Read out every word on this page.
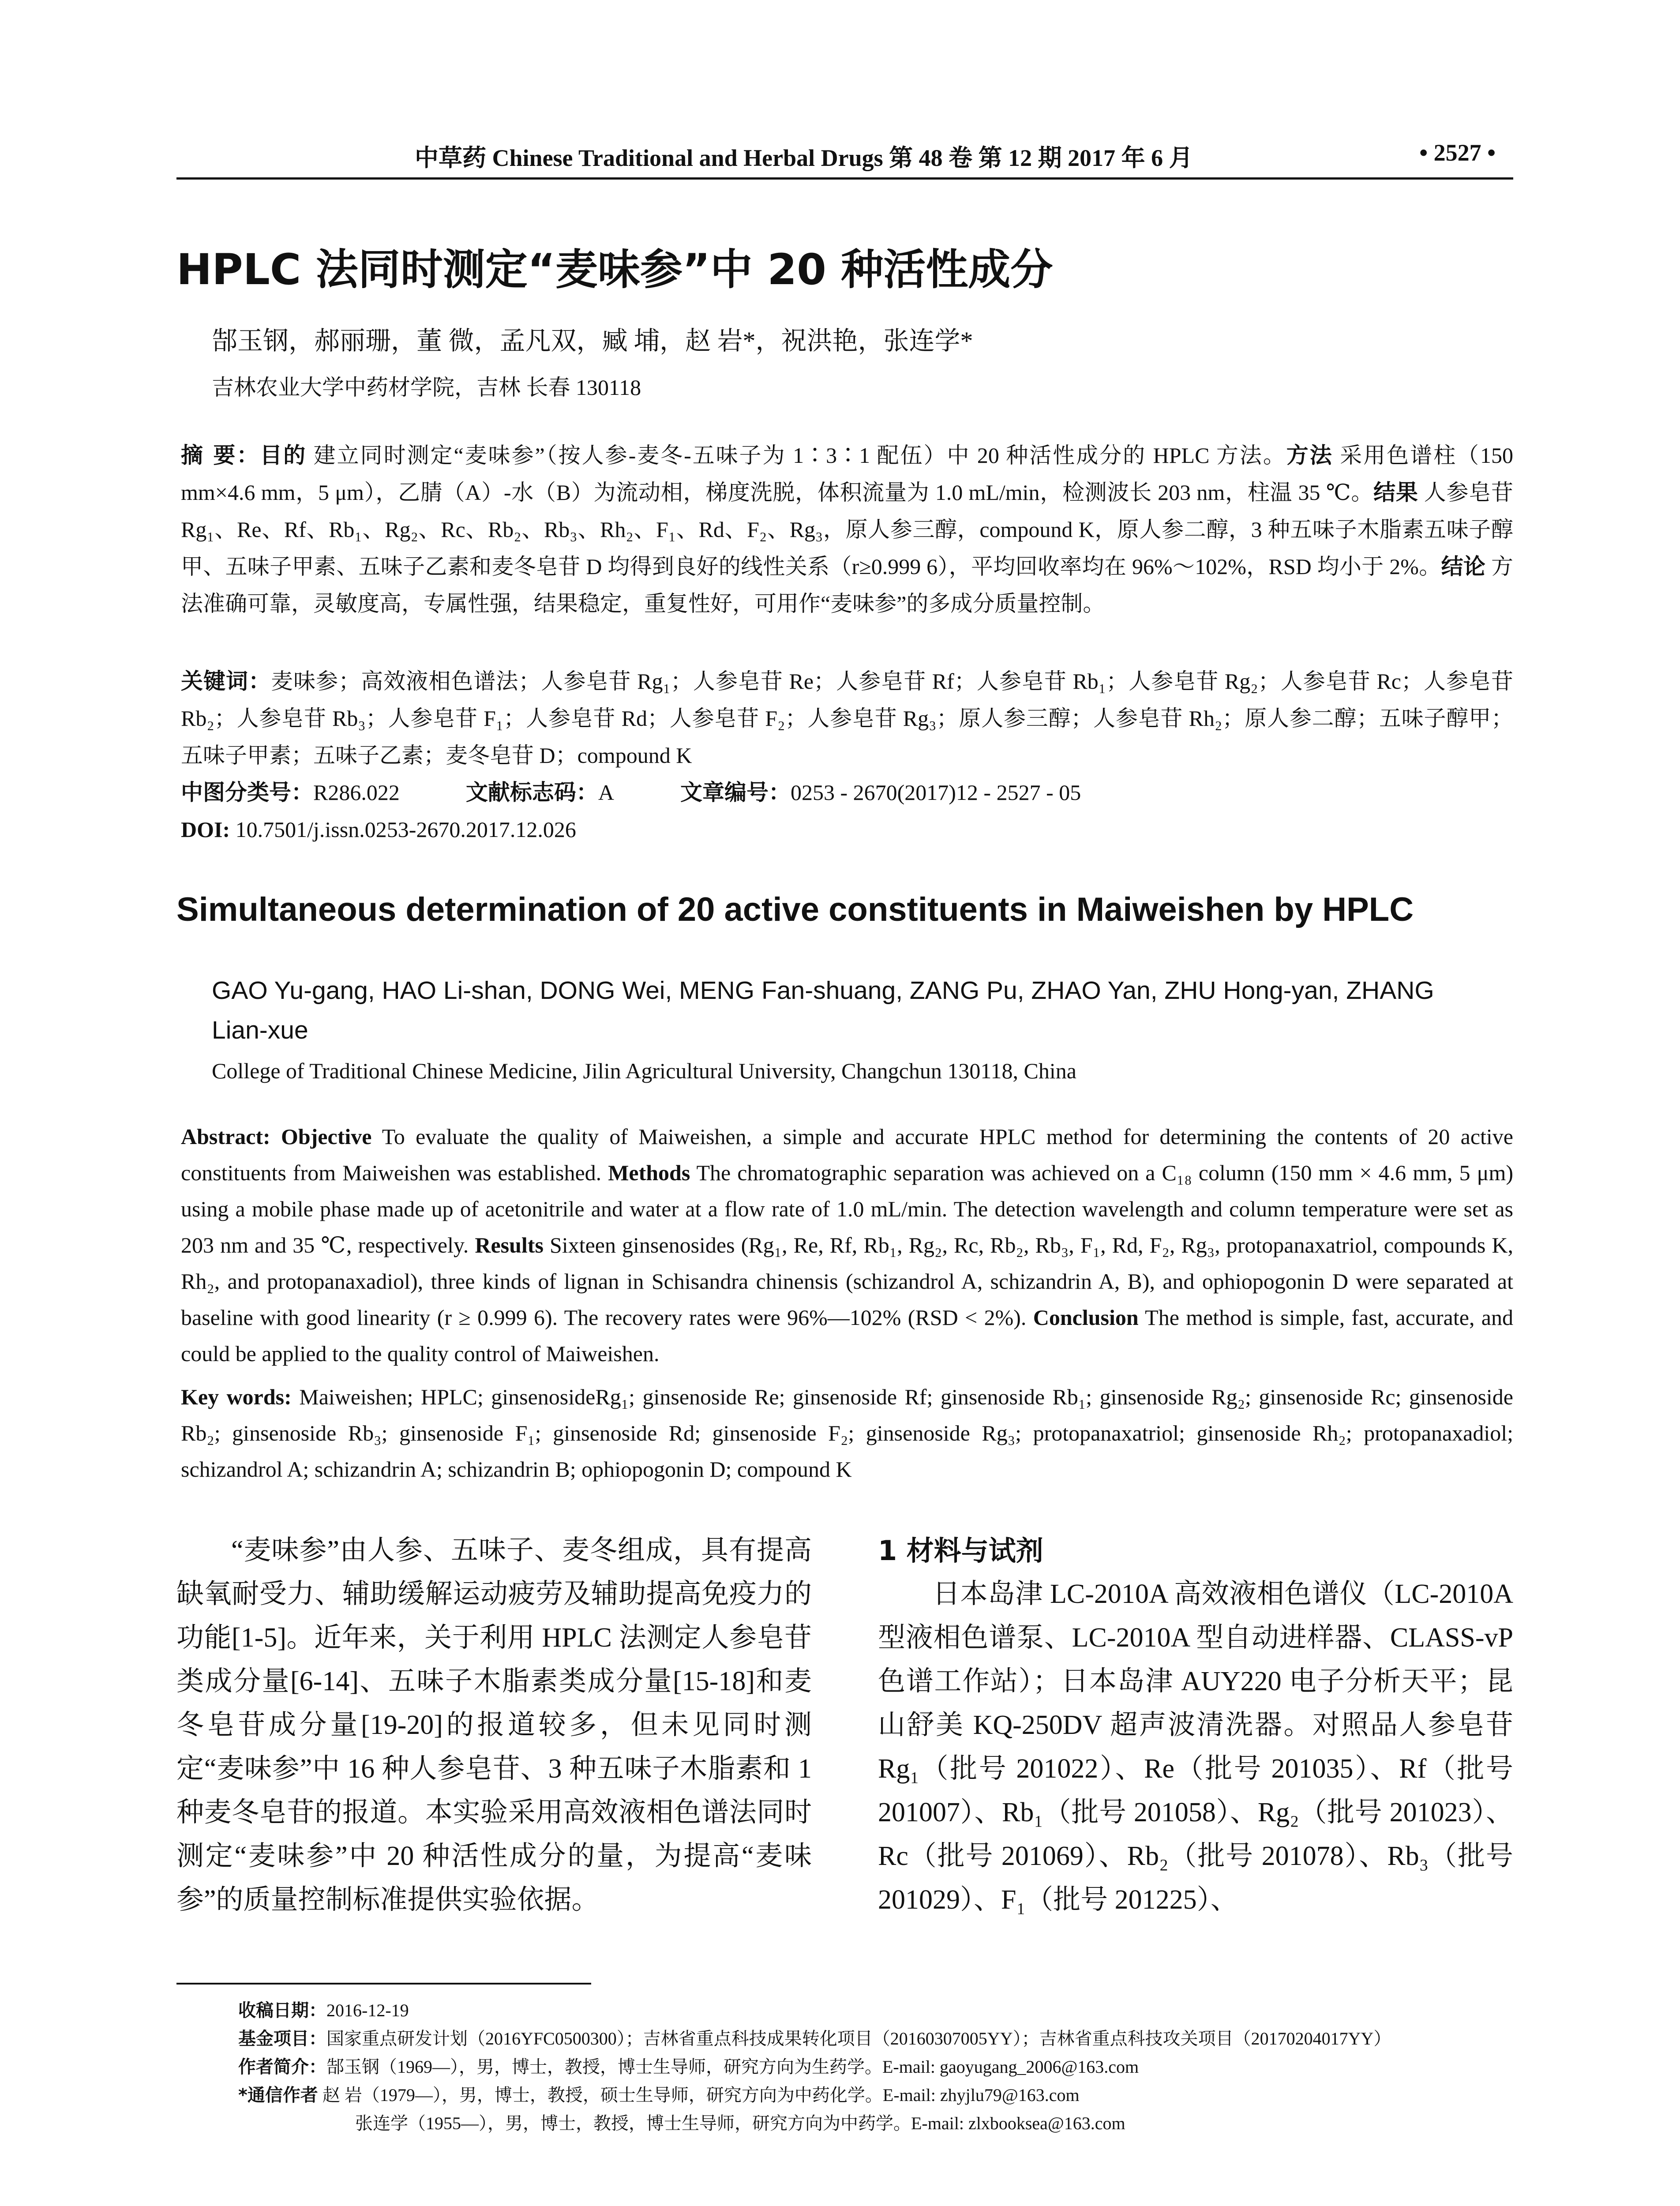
中草药 Chinese Traditional and Herbal Drugs 第 48 卷 第 12 期 2017 年 6 月	• 2527 •
HPLC 法同时测定“麦味参”中 20 种活性成分
郜玉钢，郝丽珊，董 微，孟凡双，臧 埔，赵 岩*，祝洪艳，张连学*
吉林农业大学中药材学院，吉林 长春 130118
摘 要：目的 建立同时测定“麦味参”（按人参-麦冬-五味子为 1∶3∶1 配伍）中 20 种活性成分的 HPLC 方法。方法 采用色谱柱（150 mm×4.6 mm，5 μm），乙腈（A）-水（B）为流动相，梯度洗脱，体积流量为 1.0 mL/min，检测波长 203 nm，柱温 35 ℃。结果 人参皂苷 Rg₁、Re、Rf、Rb₁、Rg₂、Rc、Rb₂、Rb₃、Rh₂、F₁、Rd、F₂、Rg₃，原人参三醇，compound K，原人参二醇，3 种五味子木脂素五味子醇甲、五味子甲素、五味子乙素和麦冬皂苷 D 均得到良好的线性关系（r≥0.999 6），平均回收率均在 96%～102%，RSD 均小于 2%。结论 方法准确可靠，灵敏度高，专属性强，结果稳定，重复性好，可用作“麦味参”的多成分质量控制。
关键词：麦味参；高效液相色谱法；人参皂苷 Rg₁；人参皂苷 Re；人参皂苷 Rf；人参皂苷 Rb₁；人参皂苷 Rg₂；人参皂苷 Rc；人参皂苷 Rb₂；人参皂苷 Rb₃；人参皂苷 F₁；人参皂苷 Rd；人参皂苷 F₂；人参皂苷 Rg₃；原人参三醇；人参皂苷 Rh₂；原人参二醇；五味子醇甲；五味子甲素；五味子乙素；麦冬皂苷 D；compound K
中图分类号：R286.022	文献标志码：A	文章编号：0253 - 2670(2017)12 - 2527 - 05
DOI: 10.7501/j.issn.0253-2670.2017.12.026
Simultaneous determination of 20 active constituents in Maiweishen by HPLC
GAO Yu-gang, HAO Li-shan, DONG Wei, MENG Fan-shuang, ZANG Pu, ZHAO Yan, ZHU Hong-yan, ZHANG Lian-xue
College of Traditional Chinese Medicine, Jilin Agricultural University, Changchun 130118, China
Abstract: Objective To evaluate the quality of Maiweishen, a simple and accurate HPLC method for determining the contents of 20 active constituents from Maiweishen was established. Methods The chromatographic separation was achieved on a C₁₈ column (150 mm × 4.6 mm, 5 μm) using a mobile phase made up of acetonitrile and water at a flow rate of 1.0 mL/min. The detection wavelength and column temperature were set as 203 nm and 35 ℃, respectively. Results Sixteen ginsenosides (Rg₁, Re, Rf, Rb₁, Rg₂, Rc, Rb₂, Rb₃, F₁, Rd, F₂, Rg₃, protopanaxatriol, compounds K, Rh₂, and protopanaxadiol), three kinds of lignan in Schisandra chinensis (schizandrol A, schizandrin A, B), and ophiopogonin D were separated at baseline with good linearity (r ≥ 0.999 6). The recovery rates were 96%—102% (RSD < 2%). Conclusion The method is simple, fast, accurate, and could be applied to the quality control of Maiweishen.
Key words: Maiweishen; HPLC; ginsenosideRg₁; ginsenoside Re; ginsenoside Rf; ginsenoside Rb₁; ginsenoside Rg₂; ginsenoside Rc; ginsenoside Rb₂; ginsenoside Rb₃; ginsenoside F₁; ginsenoside Rd; ginsenoside F₂; ginsenoside Rg₃; protopanaxatriol; ginsenoside Rh₂; protopanaxadiol; schizandrol A; schizandrin A; schizandrin B; ophiopogonin D; compound K
“麦味参”由人参、五味子、麦冬组成，具有提高缺氧耐受力、辅助缓解运动疲劳及辅助提高免疫力的功能[1-5]。近年来，关于利用 HPLC 法测定人参皂苷类成分量[6-14]、五味子木脂素类成分量[15-18]和麦冬皂苷成分量[19-20]的报道较多，但未见同时测定“麦味参”中 16 种人参皂苷、3 种五味子木脂素和 1 种麦冬皂苷的报道。本实验采用高效液相色谱法同时测定“麦味参”中 20 种活性成分的量，为提高“麦味参”的质量控制标准提供实验依据。
1 材料与试剂
日本岛津 LC-2010A 高效液相色谱仪（LC-2010A 型液相色谱泵、LC-2010A 型自动进样器、CLASS-vP 色谱工作站）；日本岛津 AUY220 电子分析天平；昆山舒美 KQ-250DV 超声波清洗器。对照品人参皂苷 Rg₁（批号 201022）、Re（批号 201035）、Rf（批号 201007）、Rb₁（批号 201058）、Rg₂（批号 201023）、Rc（批号 201069）、Rb₂（批号 201078）、Rb₃（批号 201029）、F₁（批号 201225）、
收稿日期：2016-12-19
基金项目：国家重点研发计划（2016YFC0500300）；吉林省重点科技成果转化项目（20160307005YY）；吉林省重点科技攻关项目（20170204017YY）
作者简介：郜玉钢（1969—），男，博士，教授，博士生导师，研究方向为生药学。E-mail: gaoyugang_2006@163.com
*通信作者 赵 岩（1979—），男，博士，教授，硕士生导师，研究方向为中药化学。E-mail: zhyjlu79@163.com
张连学（1955—），男，博士，教授，博士生导师，研究方向为中药学。E-mail: zlxbooksea@163.com
